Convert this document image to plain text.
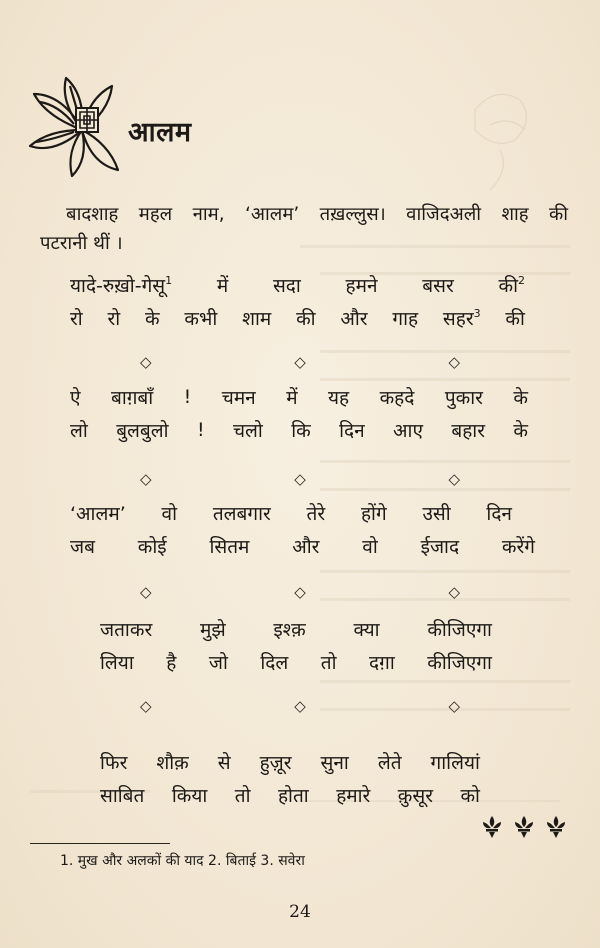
आलम
बादशाह महल नाम, ‘आलम’ तख़ल्लुस। वाजिदअली शाह की
पटरानी थीं ।
यादे-रुख़ो-गेसू1 में सदा हमने बसर की2
रो रो के कभी शाम की और गाह सहर3 की
◇	◇	◇
ऐ बाग़बाँ ! चमन में यह कहदे पुकार के
लो बुलबुलो ! चलो कि दिन आए बहार के
◇	◇	◇
‘आलम’ वो तलबगार तेरे होंगे उसी दिन
जब कोई सितम और वो ईजाद करेंगे
◇	◇	◇
जताकर	मुझे	इश्क़	क्या	कीजिएगा
लिया है जो दिल तो दग़ा कीजिएगा
◇	◇	◇
फिर शौक़ से हुज़ूर सुना लेते गालियां
साबित किया तो होता हमारे क़ुसूर को
1. मुख और अलकों की याद 2. बिताई 3. सवेरा
24
